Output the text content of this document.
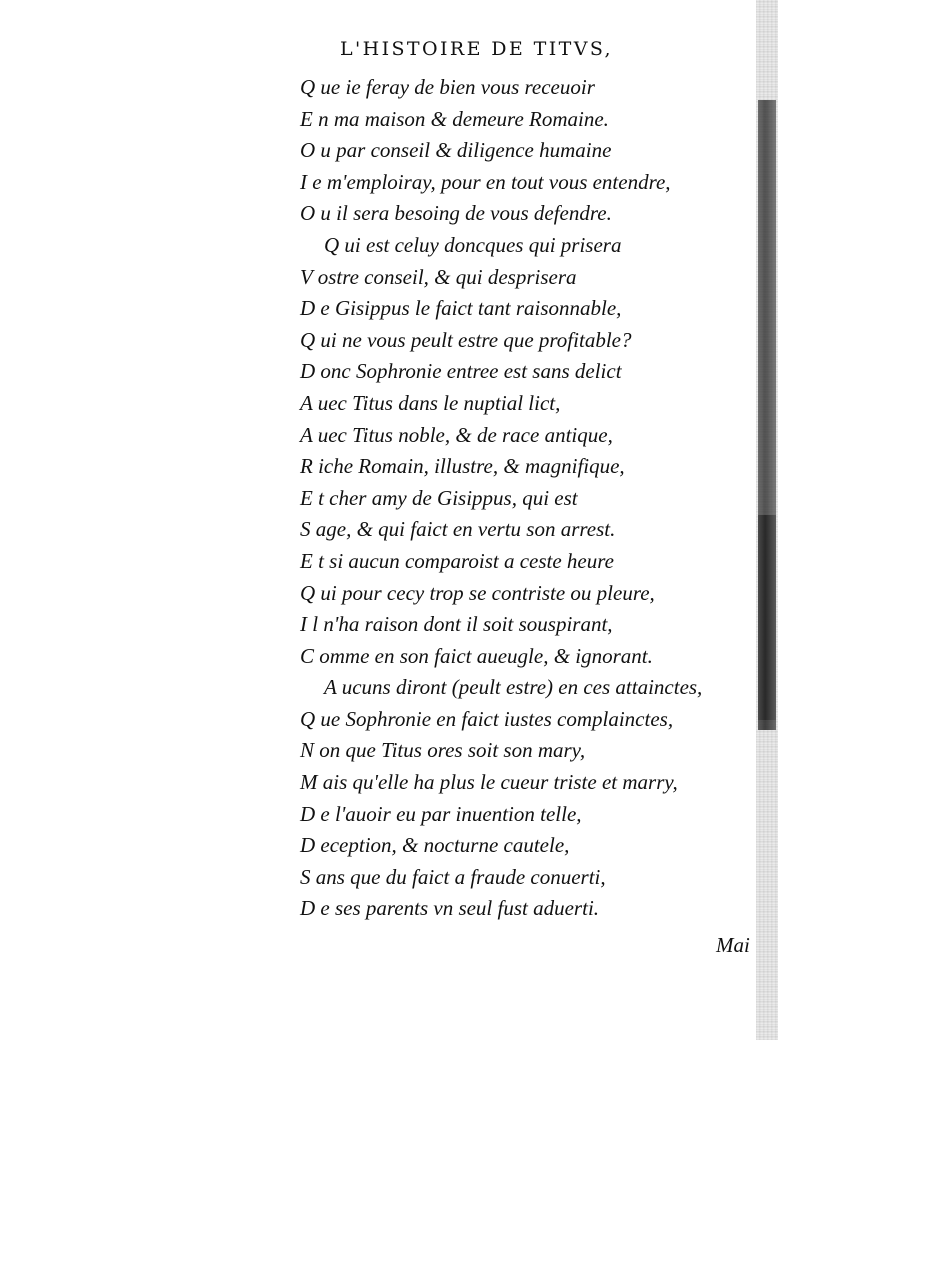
L'HISTOIRE DE TITVS,
Q ue ie feray de bien vous receuoir
E n ma maison & demeure Romaine.
O u par conseil & diligence humaine
I e m'emploiray, pour en tout vous entendre,
O u il sera besoing de vous defendre.
Q ui est celuy doncques qui prisera
V ostre conseil, & qui desprisera
D e Gisippus le faict tant raisonnable,
Q ui ne vous peult estre que profitable?
D onc Sophronie entree est sans delict
A uec Titus dans le nuptial lict,
A uec Titus noble, & de race antique,
R iche Romain, illustre, & magnifique,
E t cher amy de Gisippus, qui est
S age, & qui faict en vertu son arrest.
E t si aucun comparoist a ceste heure
Q ui pour cecy trop se contriste ou pleure,
I l n'ha raison dont il soit souspirant,
C omme en son faict aueugle, & ignorant.
A ucuns diront (peult estre) en ces attainctes,
Q ue Sophronie en faict iustes complainctes,
N on que Titus ores soit son mary,
M ais qu'elle ha plus le cueur triste et marry,
D e l'auoir eu par inuention telle,
D eception, & nocturne cautele,
S ans que du faict a fraude conuerti,
D e ses parents vn seul fust aduerti.
Mai
